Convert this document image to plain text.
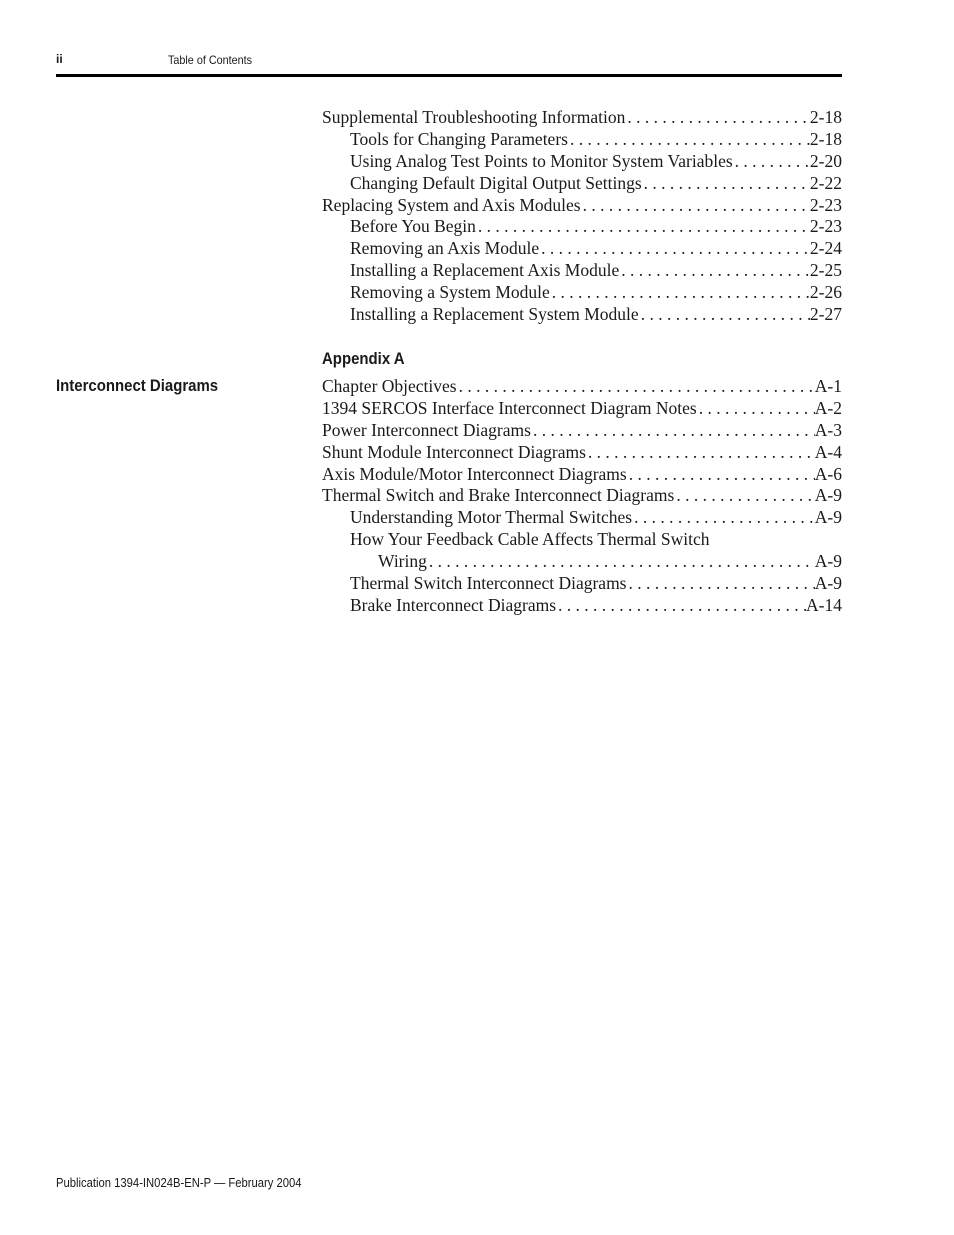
ii	Table of Contents
Supplemental Troubleshooting Information . . .	2-18
Tools for Changing Parameters . . .	2-18
Using Analog Test Points to Monitor System Variables . . .	2-20
Changing Default Digital Output Settings . . .	2-22
Replacing System and Axis Modules . . .	2-23
Before You Begin . . .	2-23
Removing an Axis Module . . .	2-24
Installing a Replacement Axis Module . . .	2-25
Removing a System Module . . .	2-26
Installing a Replacement System Module . . .	2-27
Appendix A
Interconnect Diagrams	Chapter Objectives . . .	A-1
1394 SERCOS Interface Interconnect Diagram Notes . . .	A-2
Power Interconnect Diagrams . . .	A-3
Shunt Module Interconnect Diagrams . . .	A-4
Axis Module/Motor Interconnect Diagrams . . .	A-6
Thermal Switch and Brake Interconnect Diagrams . . .	A-9
Understanding Motor Thermal Switches . . .	A-9
How Your Feedback Cable Affects Thermal Switch
Wiring . . .	A-9
Thermal Switch Interconnect Diagrams . . .	A-9
Brake Interconnect Diagrams . . .	A-14
Publication 1394-IN024B-EN-P — February 2004
